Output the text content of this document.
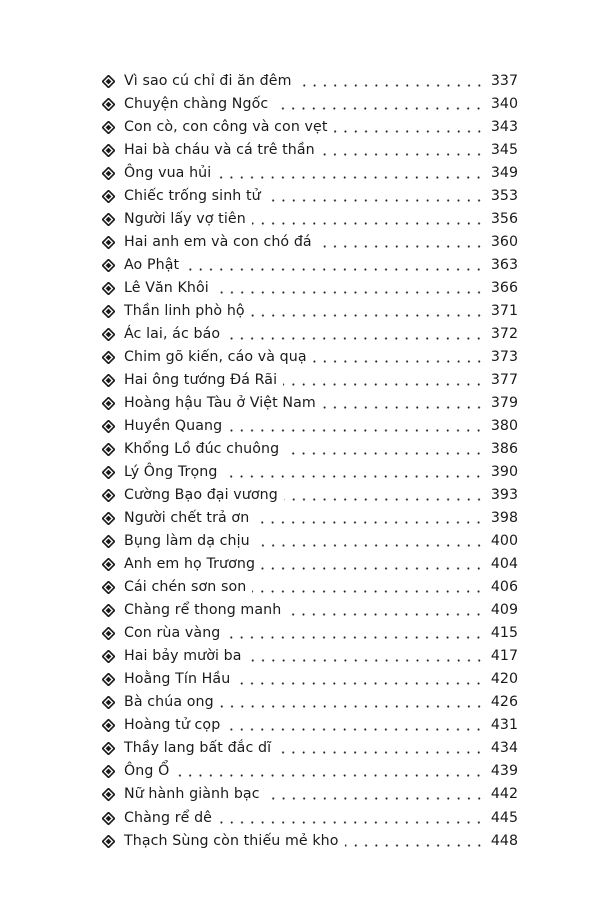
Vì sao cú chỉ đi ăn đêm	337
Chuyện chàng Ngốc	340
Con cò, con công và con vẹt	343
Hai bà cháu và cá trê thần	345
Ông vua hủi	349
Chiếc trống sinh tử	353
Người lấy vợ tiên	356
Hai anh em và con chó đá	360
Ao Phật	363
Lê Văn Khôi	366
Thần linh phò hộ	371
Ác lai, ác báo	372
Chim gõ kiến, cáo và quạ	373
Hai ông tướng Đá Rãi	377
Hoàng hậu Tàu ở Việt Nam	379
Huyền Quang	380
Khổng Lồ đúc chuông	386
Lý Ông Trọng	390
Cường Bạo đại vương	393
Người chết trả ơn	398
Bụng làm dạ chịu	400
Anh em họ Trương	404
Cái chén sơn son	406
Chàng rể thong manh	409
Con rùa vàng	415
Hai bảy mười ba	417
Hoằng Tín Hầu	420
Bà chúa ong	426
Hoàng tử cọp	431
Thầy lang bất đắc dĩ	434
Ông Ổ	439
Nữ hành giành bạc	442
Chàng rể dê	445
Thạch Sùng còn thiếu mẻ kho	448
